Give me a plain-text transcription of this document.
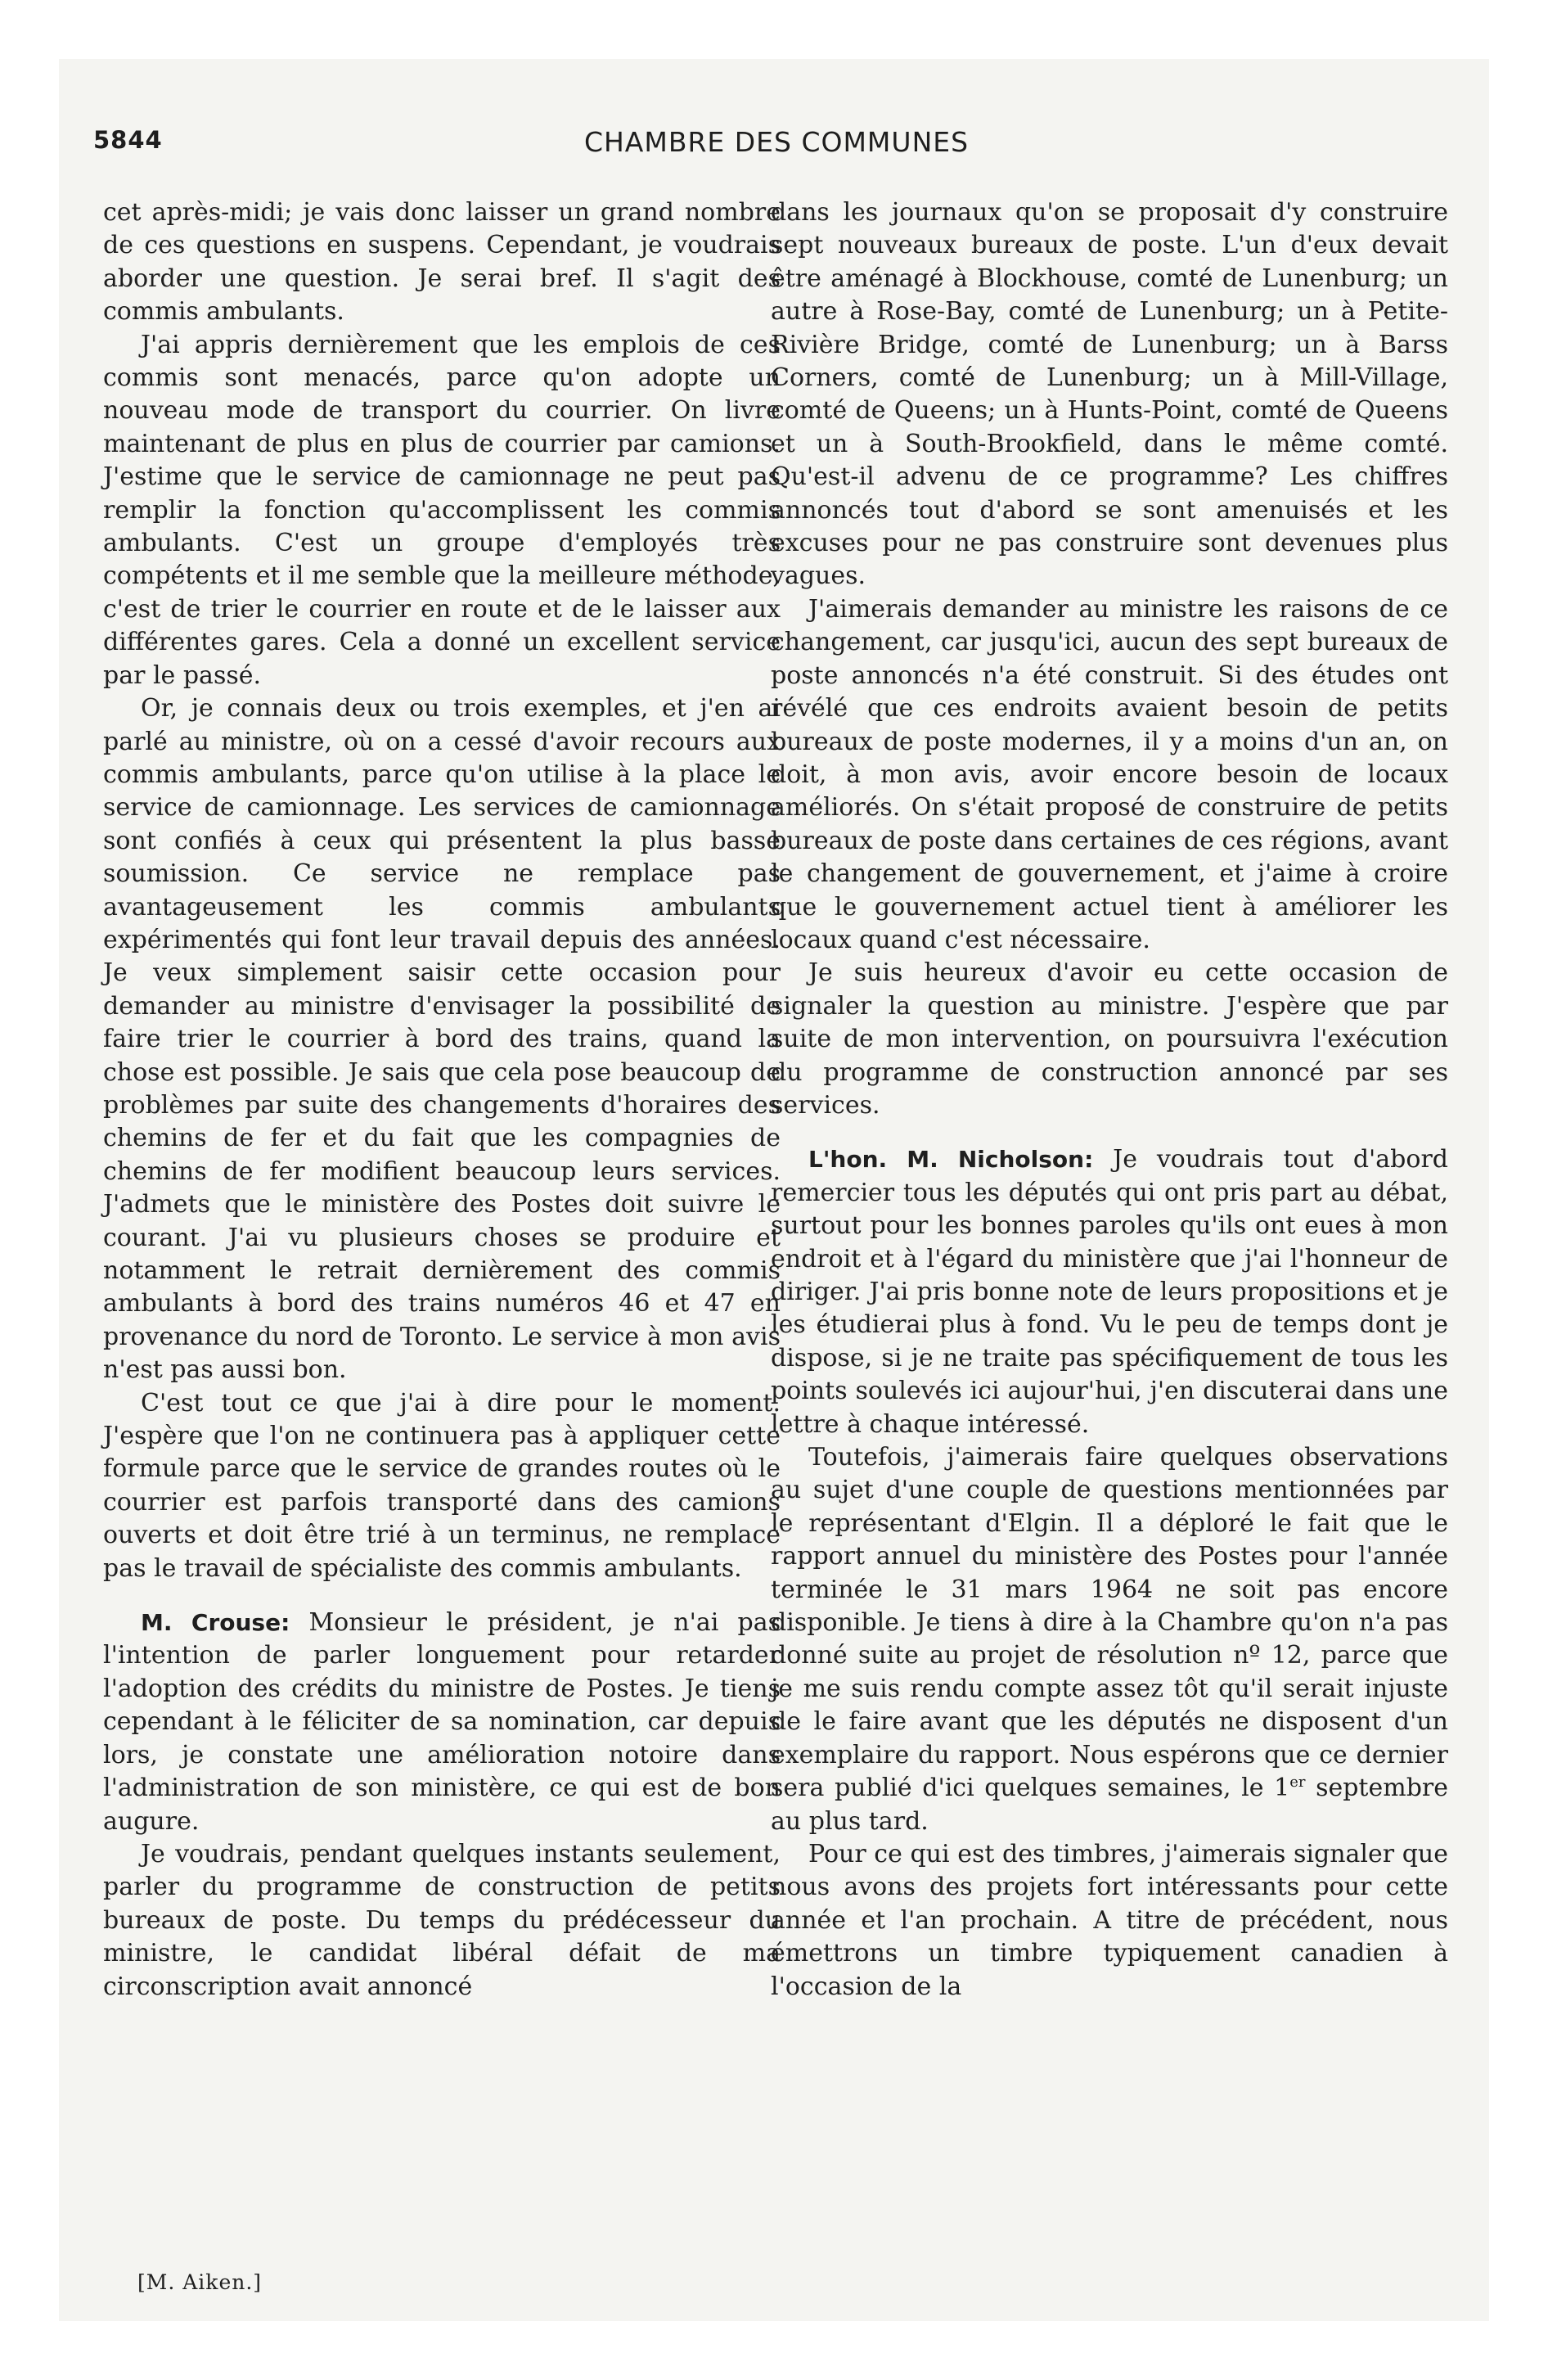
5844	CHAMBRE DES COMMUNES

cet après-midi; je vais donc laisser un grand nombre de ces questions en suspens. Cependant, je voudrais aborder une question. Je serai bref. Il s'agit des commis ambulants.

J'ai appris dernièrement que les emplois de ces commis sont menacés, parce qu'on adopte un nouveau mode de transport du courrier. On livre maintenant de plus en plus de courrier par camions. J'estime que le service de camionnage ne peut pas remplir la fonction qu'accomplissent les commis ambulants. C'est un groupe d'employés très compétents et il me semble que la meilleure méthode, c'est de trier le courrier en route et de le laisser aux différentes gares. Cela a donné un excellent service par le passé.

Or, je connais deux ou trois exemples, et j'en ai parlé au ministre, où on a cessé d'avoir recours aux commis ambulants, parce qu'on utilise à la place le service de camionnage. Les services de camionnage sont confiés à ceux qui présentent la plus basse soumission. Ce service ne remplace pas avantageusement les commis ambulants expérimentés qui font leur travail depuis des années. Je veux simplement saisir cette occasion pour demander au ministre d'envisager la possibilité de faire trier le courrier à bord des trains, quand la chose est possible. Je sais que cela pose beaucoup de problèmes par suite des changements d'horaires des chemins de fer et du fait que les compagnies de chemins de fer modifient beaucoup leurs services. J'admets que le ministère des Postes doit suivre le courant. J'ai vu plusieurs choses se produire et notamment le retrait dernièrement des commis ambulants à bord des trains numéros 46 et 47 en provenance du nord de Toronto. Le service à mon avis n'est pas aussi bon.

C'est tout ce que j'ai à dire pour le moment. J'espère que l'on ne continuera pas à appliquer cette formule parce que le service de grandes routes où le courrier est parfois transporté dans des camions ouverts et doit être trié à un terminus, ne remplace pas le travail de spécialiste des commis ambulants.

M. Crouse: Monsieur le président, je n'ai pas l'intention de parler longuement pour retarder l'adoption des crédits du ministre de Postes. Je tiens cependant à le féliciter de sa nomination, car depuis lors, je constate une amélioration notoire dans l'administration de son ministère, ce qui est de bon augure.

Je voudrais, pendant quelques instants seulement, parler du programme de construction de petits bureaux de poste. Du temps du prédécesseur du ministre, le candidat libéral défait de ma circonscription avait annoncé

dans les journaux qu'on se proposait d'y construire sept nouveaux bureaux de poste. L'un d'eux devait être aménagé à Blockhouse, comté de Lunenburg; un autre à Rose-Bay, comté de Lunenburg; un à Petite-Rivière Bridge, comté de Lunenburg; un à Barss Corners, comté de Lunenburg; un à Mill-Village, comté de Queens; un à Hunts-Point, comté de Queens et un à South-Brookfield, dans le même comté. Qu'est-il advenu de ce programme? Les chiffres annoncés tout d'abord se sont amenuisés et les excuses pour ne pas construire sont devenues plus vagues.

J'aimerais demander au ministre les raisons de ce changement, car jusqu'ici, aucun des sept bureaux de poste annoncés n'a été construit. Si des études ont révélé que ces endroits avaient besoin de petits bureaux de poste modernes, il y a moins d'un an, on doit, à mon avis, avoir encore besoin de locaux améliorés. On s'était proposé de construire de petits bureaux de poste dans certaines de ces régions, avant le changement de gouvernement, et j'aime à croire que le gouvernement actuel tient à améliorer les locaux quand c'est nécessaire.

Je suis heureux d'avoir eu cette occasion de signaler la question au ministre. J'espère que par suite de mon intervention, on poursuivra l'exécution du programme de construction annoncé par ses services.

L'hon. M. Nicholson: Je voudrais tout d'abord remercier tous les députés qui ont pris part au débat, surtout pour les bonnes paroles qu'ils ont eues à mon endroit et à l'égard du ministère que j'ai l'honneur de diriger. J'ai pris bonne note de leurs propositions et je les étudierai plus à fond. Vu le peu de temps dont je dispose, si je ne traite pas spécifiquement de tous les points soulevés ici aujour'hui, j'en discuterai dans une lettre à chaque intéressé.

Toutefois, j'aimerais faire quelques observations au sujet d'une couple de questions mentionnées par le représentant d'Elgin. Il a déploré le fait que le rapport annuel du ministère des Postes pour l'année terminée le 31 mars 1964 ne soit pas encore disponible. Je tiens à dire à la Chambre qu'on n'a pas donné suite au projet de résolution nº 12, parce que je me suis rendu compte assez tôt qu'il serait injuste de le faire avant que les députés ne disposent d'un exemplaire du rapport. Nous espérons que ce dernier sera publié d'ici quelques semaines, le 1er septembre au plus tard.

Pour ce qui est des timbres, j'aimerais signaler que nous avons des projets fort intéressants pour cette année et l'an prochain. A titre de précédent, nous émettrons un timbre typiquement canadien à l'occasion de la

[M. Aiken.]
